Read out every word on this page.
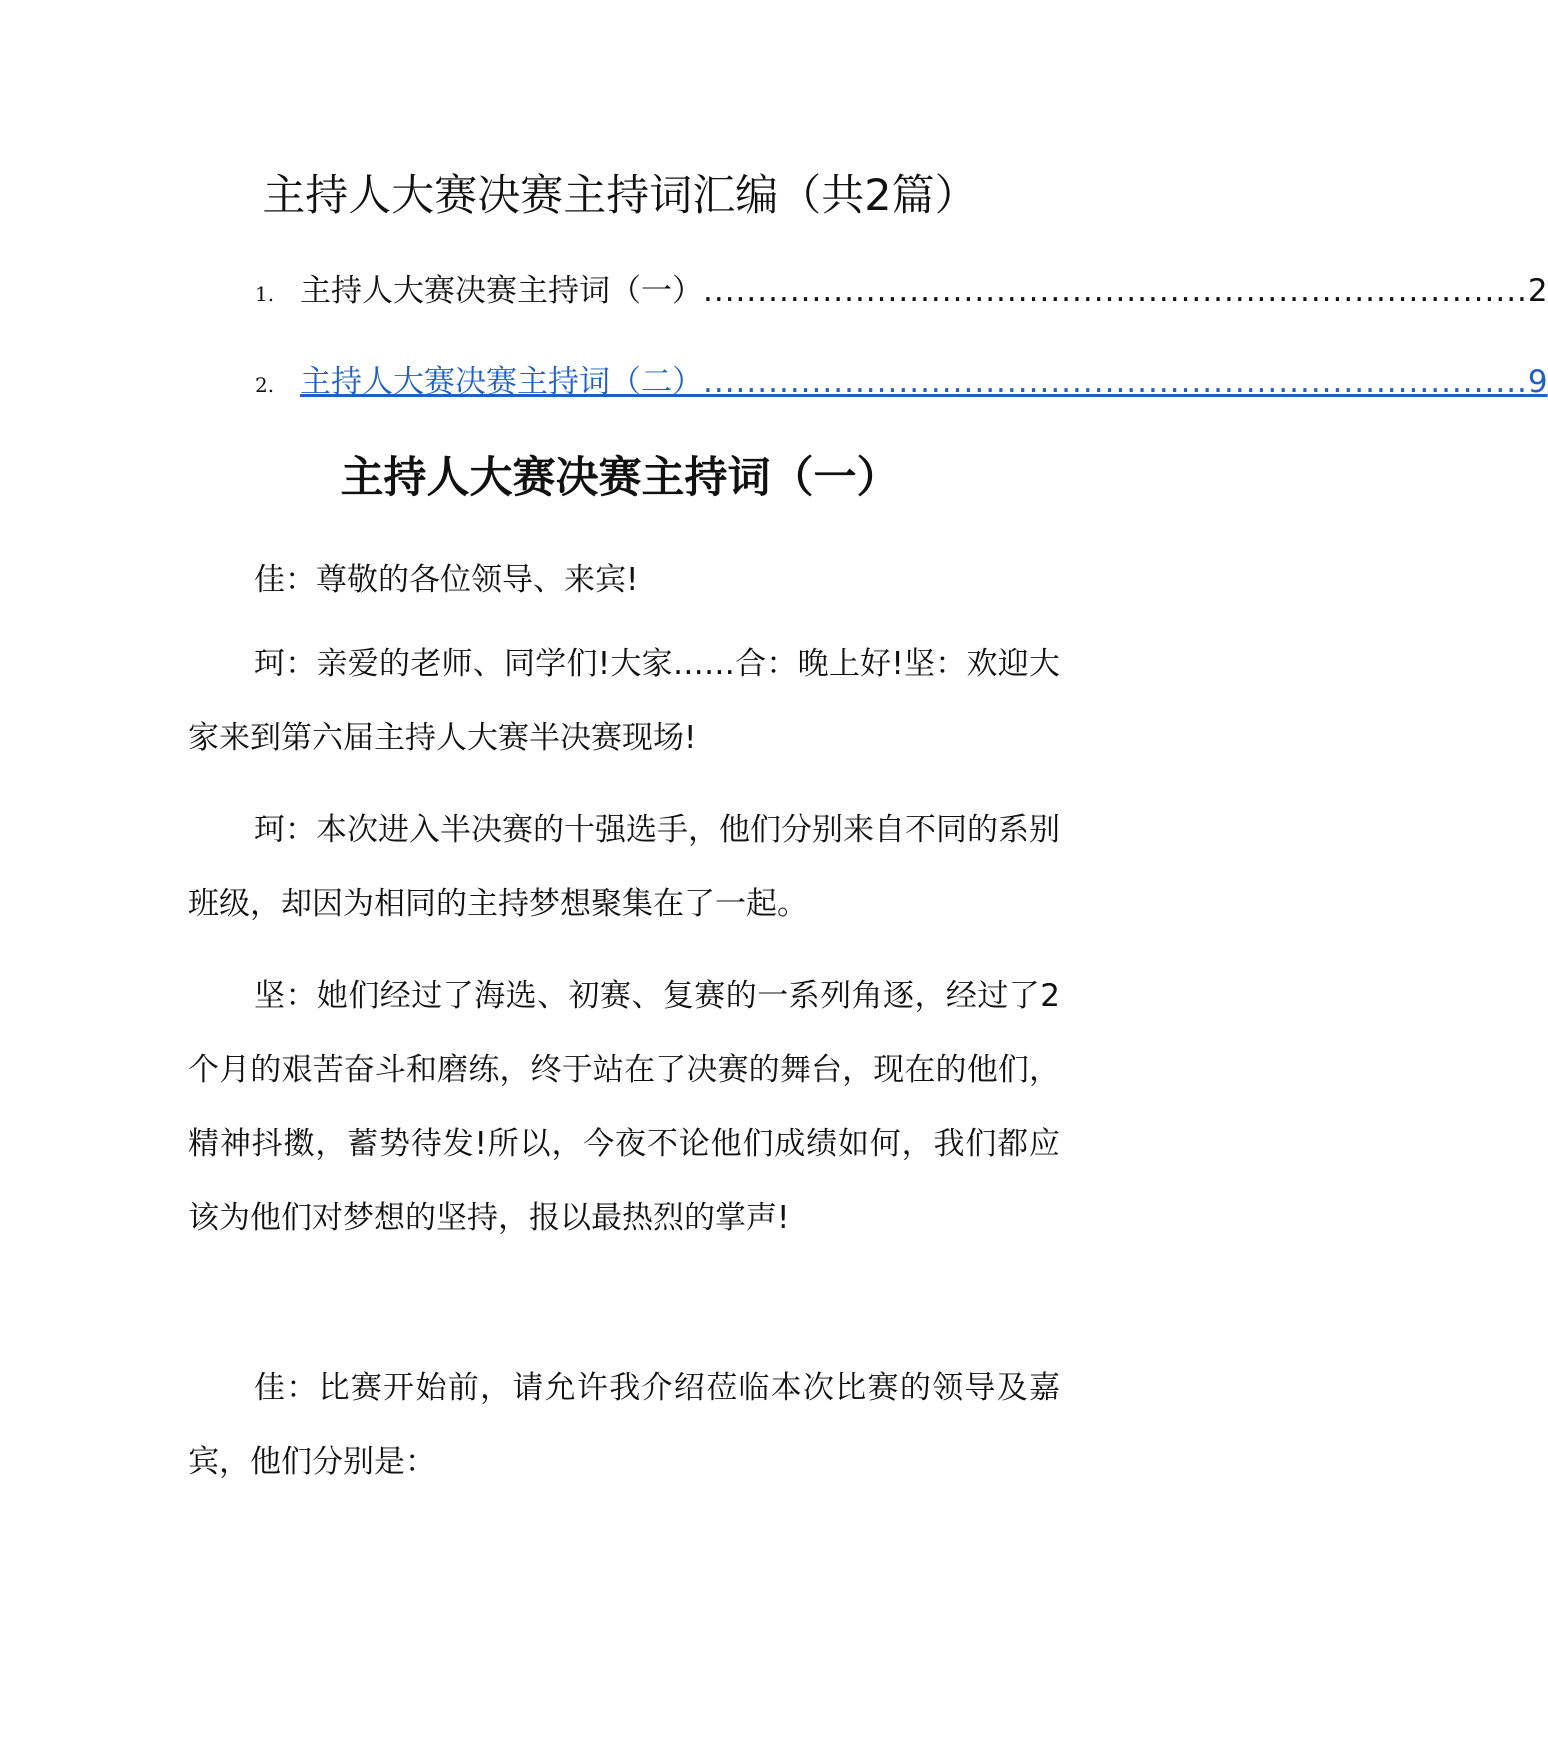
主持人大赛决赛主持词汇编（共2篇）
1. 主持人大赛决赛主持词（一） ............................................................................ 2
2. 主持人大赛决赛主持词（二） ............................................................................ 9
主持人大赛决赛主持词（一）

佳：尊敬的各位领导、来宾!

珂：亲爱的老师、同学们!大家……合：晚上好!坚：欢迎大家来到第六届主持人大赛半决赛现场!

珂：本次进入半决赛的十强选手，他们分别来自不同的系别班级，却因为相同的主持梦想聚集在了一起。

坚：她们经过了海选、初赛、复赛的一系列角逐，经过了2个月的艰苦奋斗和磨练，终于站在了决赛的舞台，现在的他们，精神抖擞，蓄势待发!所以，今夜不论他们成绩如何，我们都应该为他们对梦想的坚持，报以最热烈的掌声!

佳：比赛开始前，请允许我介绍莅临本次比赛的领导及嘉宾，他们分别是：
